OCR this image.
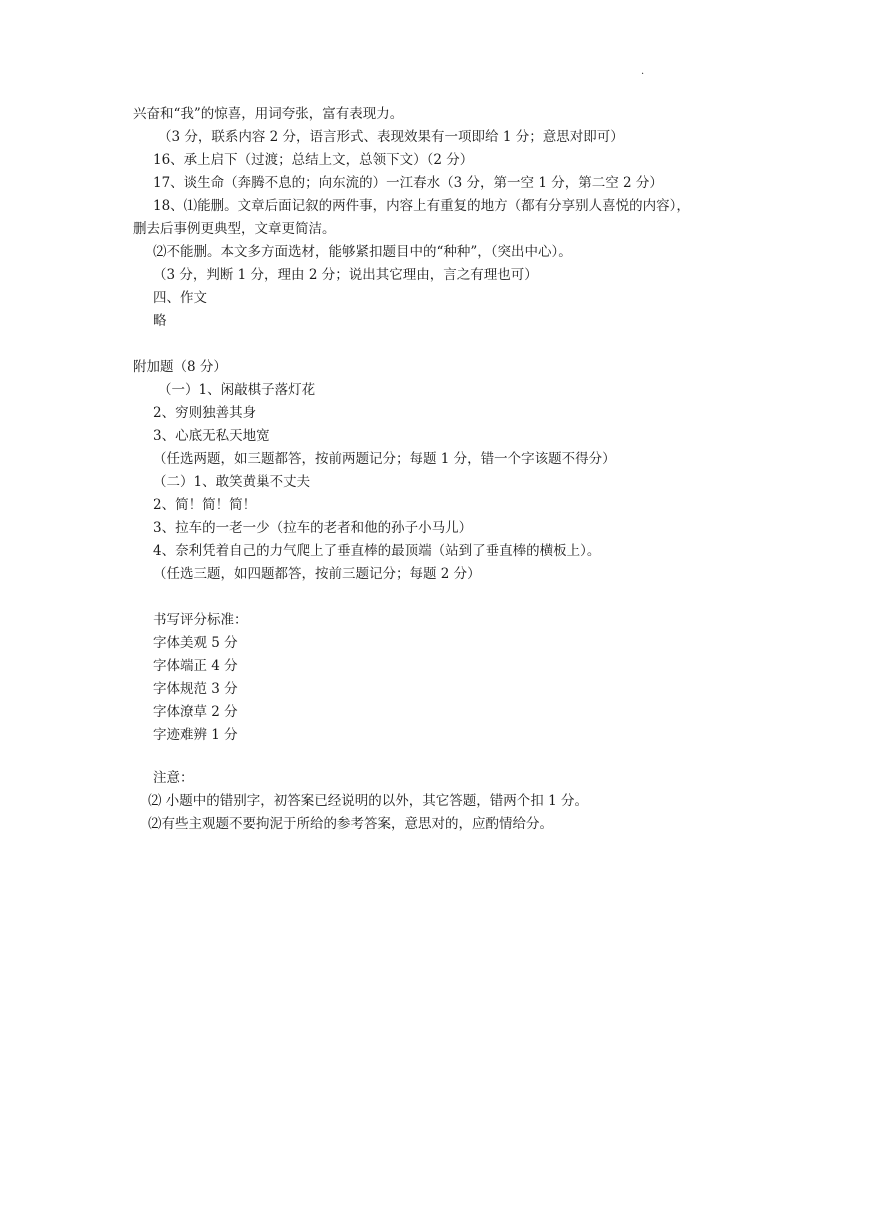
.
兴奋和“我”的惊喜，用词夸张，富有表现力。
（3 分，联系内容 2 分，语言形式、表现效果有一项即给 1 分；意思对即可）
16、承上启下（过渡；总结上文，总领下文）（2 分）
17、谈生命（奔腾不息的；向东流的）一江春水（3 分，第一空 1 分，第二空 2 分）
18、⑴能删。文章后面记叙的两件事，内容上有重复的地方（都有分享别人喜悦的内容），
删去后事例更典型，文章更简洁。
⑵不能删。本文多方面选材，能够紧扣题目中的“种种”，（突出中心）。
（3 分，判断 1 分，理由 2 分；说出其它理由，言之有理也可）
四、作文
略
附加题（8 分）
（一）1、闲敲棋子落灯花
2、穷则独善其身
3、心底无私天地宽
（任选两题，如三题都答，按前两题记分；每题 1 分，错一个字该题不得分）
（二）1、敢笑黄巢不丈夫
2、简！简！简！
3、拉车的一老一少（拉车的老者和他的孙子小马儿）
4、奈利凭着自己的力气爬上了垂直棒的最顶端（站到了垂直棒的横板上）。
（任选三题，如四题都答，按前三题记分；每题 2 分）
书写评分标准：
字体美观 5 分
字体端正 4 分
字体规范 3 分
字体潦草 2 分
字迹难辨 1 分
注意：
⑵ 小题中的错别字，初答案已经说明的以外，其它答题，错两个扣 1 分。
⑵有些主观题不要拘泥于所给的参考答案，意思对的，应酌情给分。
